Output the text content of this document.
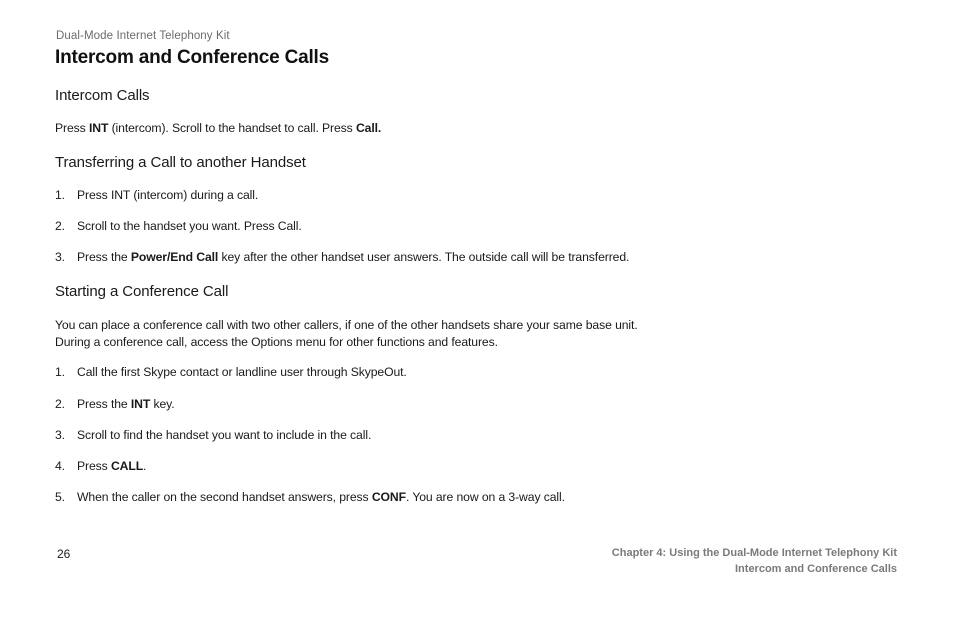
Dual-Mode Internet Telephony Kit
Intercom and Conference Calls
Intercom Calls
Press INT (intercom). Scroll to the handset to call. Press Call.
Transferring a Call to another Handset
1. Press INT (intercom) during a call.
2. Scroll to the handset you want. Press Call.
3. Press the Power/End Call key after the other handset user answers. The outside call will be transferred.
Starting a Conference Call
You can place a conference call with two other callers, if one of the other handsets share your same base unit.
During a conference call, access the Options menu for other functions and features.
1. Call the first Skype contact or landline user through SkypeOut.
2. Press the INT key.
3. Scroll to find the handset you want to include in the call.
4. Press CALL.
5. When the caller on the second handset answers, press CONF. You are now on a 3-way call.
26	Chapter 4: Using the Dual-Mode Internet Telephony Kit
Intercom and Conference Calls
